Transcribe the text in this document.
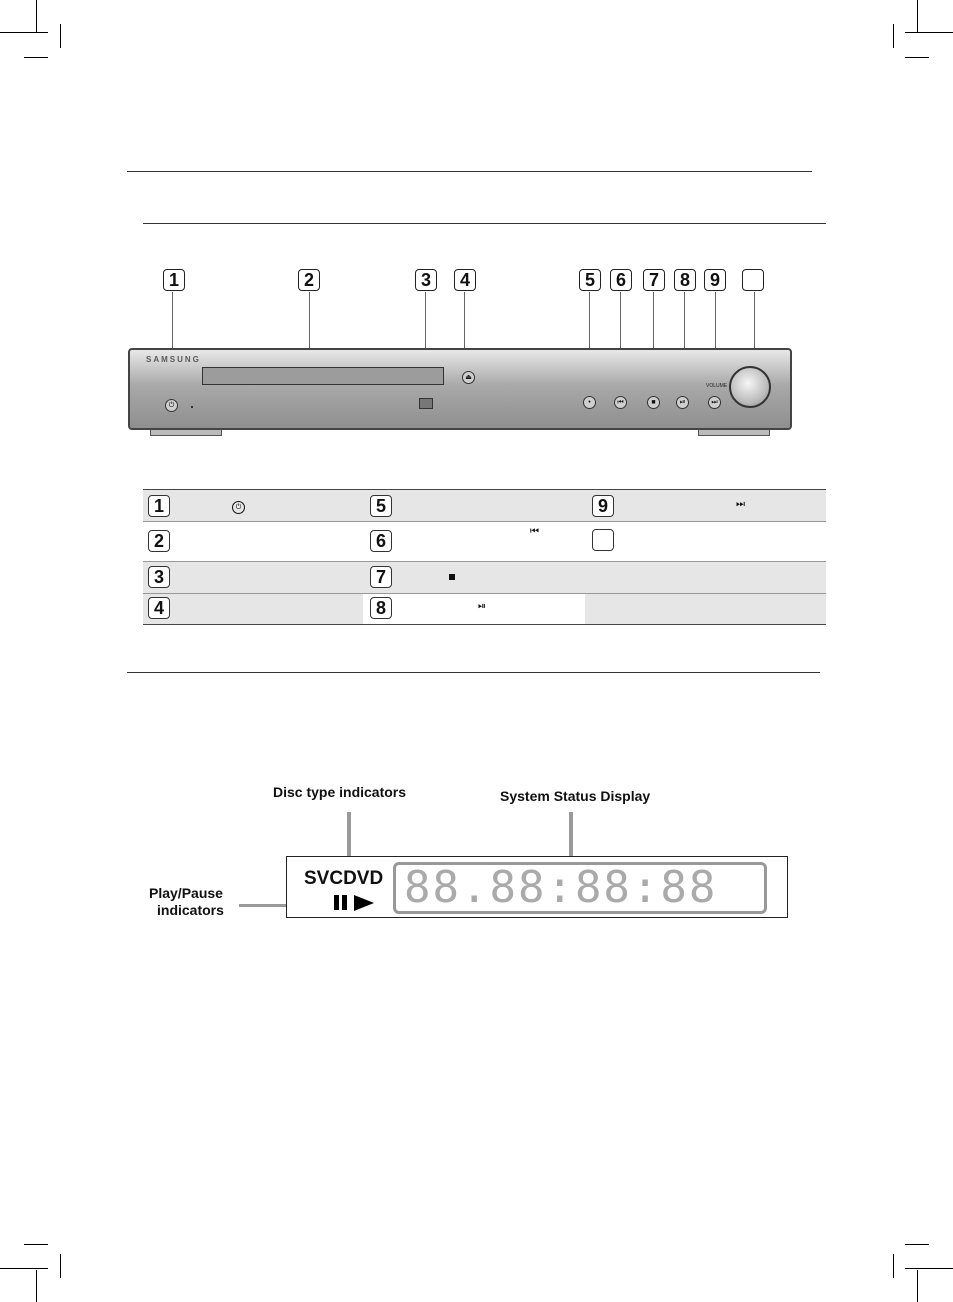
1	2	3	4	5	6	7	8	9
SAMSUNG
⏻
⏏
•	⏮	■	⏯	⏭
VOLUME
1	⏻	5	9	⏭
2	6	⏮
3	7
4	8	⏯
Disc type indicators	System Status Display
Play/Pause
indicators
SVCDVD 88.88:88:88
